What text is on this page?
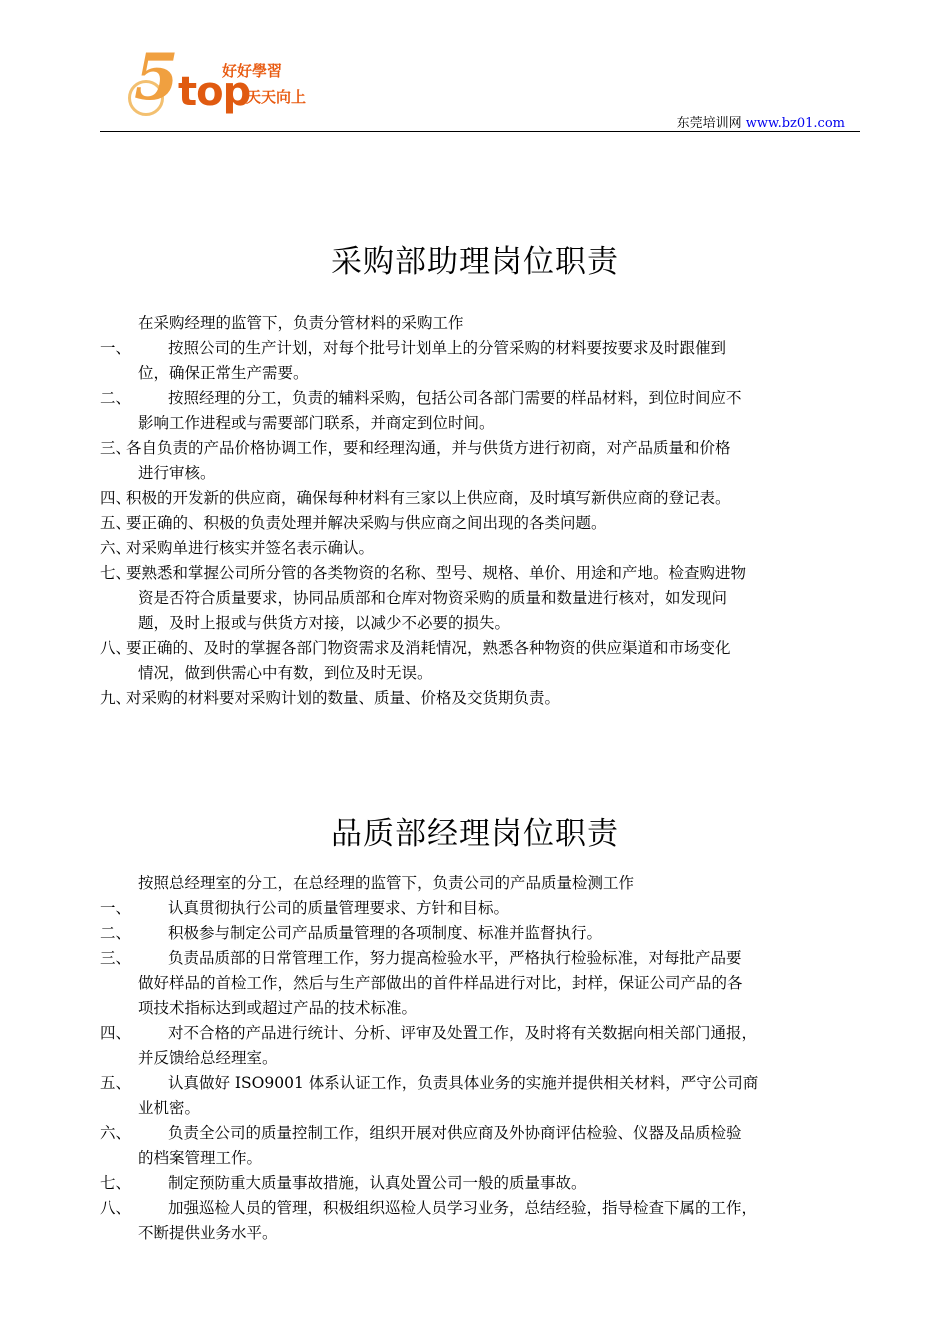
5 top
好好學習
天天向上
东莞培训网 www.bz01.com
采购部助理岗位职责
在采购经理的监管下，负责分管材料的采购工作
一、 按照公司的生产计划，对每个批号计划单上的分管采购的材料要按要求及时跟催到
位，确保正常生产需要。
二、 按照经理的分工，负责的辅料采购，包括公司各部门需要的样品材料，到位时间应不
影响工作进程或与需要部门联系，并商定到位时间。
三、
各自负责的产品价格协调工作，要和经理沟通，并与供货方进行初商，对产品质量和价格
进行审核。
四、
积极的开发新的供应商，确保每种材料有三家以上供应商，及时填写新供应商的登记表。
五、
要正确的、积极的负责处理并解决采购与供应商之间出现的各类问题。
六、
对采购单进行核实并签名表示确认。
七、
要熟悉和掌握公司所分管的各类物资的名称、型号、规格、单价、用途和产地。检查购进物
资是否符合质量要求，协同品质部和仓库对物资采购的质量和数量进行核对，如发现问
题，及时上报或与供货方对接，以减少不必要的损失。
八、
要正确的、及时的掌握各部门物资需求及消耗情况，熟悉各种物资的供应渠道和市场变化
情况，做到供需心中有数，到位及时无误。
九、
对采购的材料要对采购计划的数量、质量、价格及交货期负责。
品质部经理岗位职责
按照总经理室的分工，在总经理的监管下，负责公司的产品质量检测工作
一、 认真贯彻执行公司的质量管理要求、方针和目标。
二、 积极参与制定公司产品质量管理的各项制度、标准并监督执行。
三、 负责品质部的日常管理工作，努力提高检验水平，严格执行检验标准，对每批产品要
做好样品的首检工作，然后与生产部做出的首件样品进行对比，封样，保证公司产品的各
项技术指标达到或超过产品的技术标准。
四、 对不合格的产品进行统计、分析、评审及处置工作，及时将有关数据向相关部门通报，
并反馈给总经理室。
五、 认真做好 ISO9001 体系认证工作，负责具体业务的实施并提供相关材料，严守公司商
业机密。
六、 负责全公司的质量控制工作，组织开展对供应商及外协商评估检验、仪器及品质检验
的档案管理工作。
七、 制定预防重大质量事故措施，认真处置公司一般的质量事故。
八、 加强巡检人员的管理，积极组织巡检人员学习业务，总结经验，指导检查下属的工作，
不断提供业务水平。
